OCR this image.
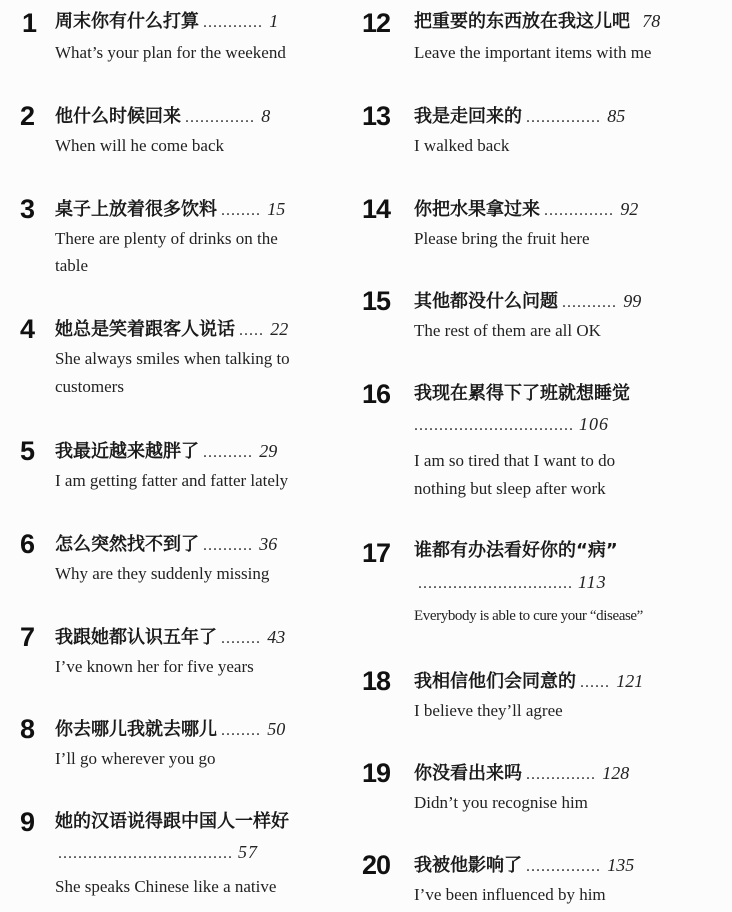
1 周末你有什么打算 ............ 1
What’s your plan for the weekend
2 他什么时候回来 .............. 8
When will he come back
3 桌子上放着很多饮料 ........ 15
There are plenty of drinks on the
table
4 她总是笑着跟客人说话 ..... 22
She always smiles when talking to
customers
5 我最近越来越胖了 .......... 29
I am getting fatter and fatter lately
6 怎么突然找不到了 .......... 36
Why are they suddenly missing
7 我跟她都认识五年了 ........ 43
I’ve known her for five years
8 你去哪儿我就去哪儿 ........ 50
I’ll go wherever you go
9 她的汉语说得跟中国人一样好
................................... 57
She speaks Chinese like a native
12 把重要的东西放在我这儿吧 78
Leave the important items with me
13 我是走回来的 ............... 85
I walked back
14 你把水果拿过来 .............. 92
Please bring the fruit here
15 其他都没什么问题 ........... 99
The rest of them are all OK
16 我现在累得下了班就想睡觉
................................ 106
I am so tired that I want to do
nothing but sleep after work
17 谁都有办法看好你的“病”
............................... 113
Everybody is able to cure your “disease”
18 我相信他们会同意的 ...... 121
I believe they’ll agree
19 你没看出来吗 .............. 128
Didn’t you recognise him
20 我被他影响了 ............... 135
I’ve been influenced by him
